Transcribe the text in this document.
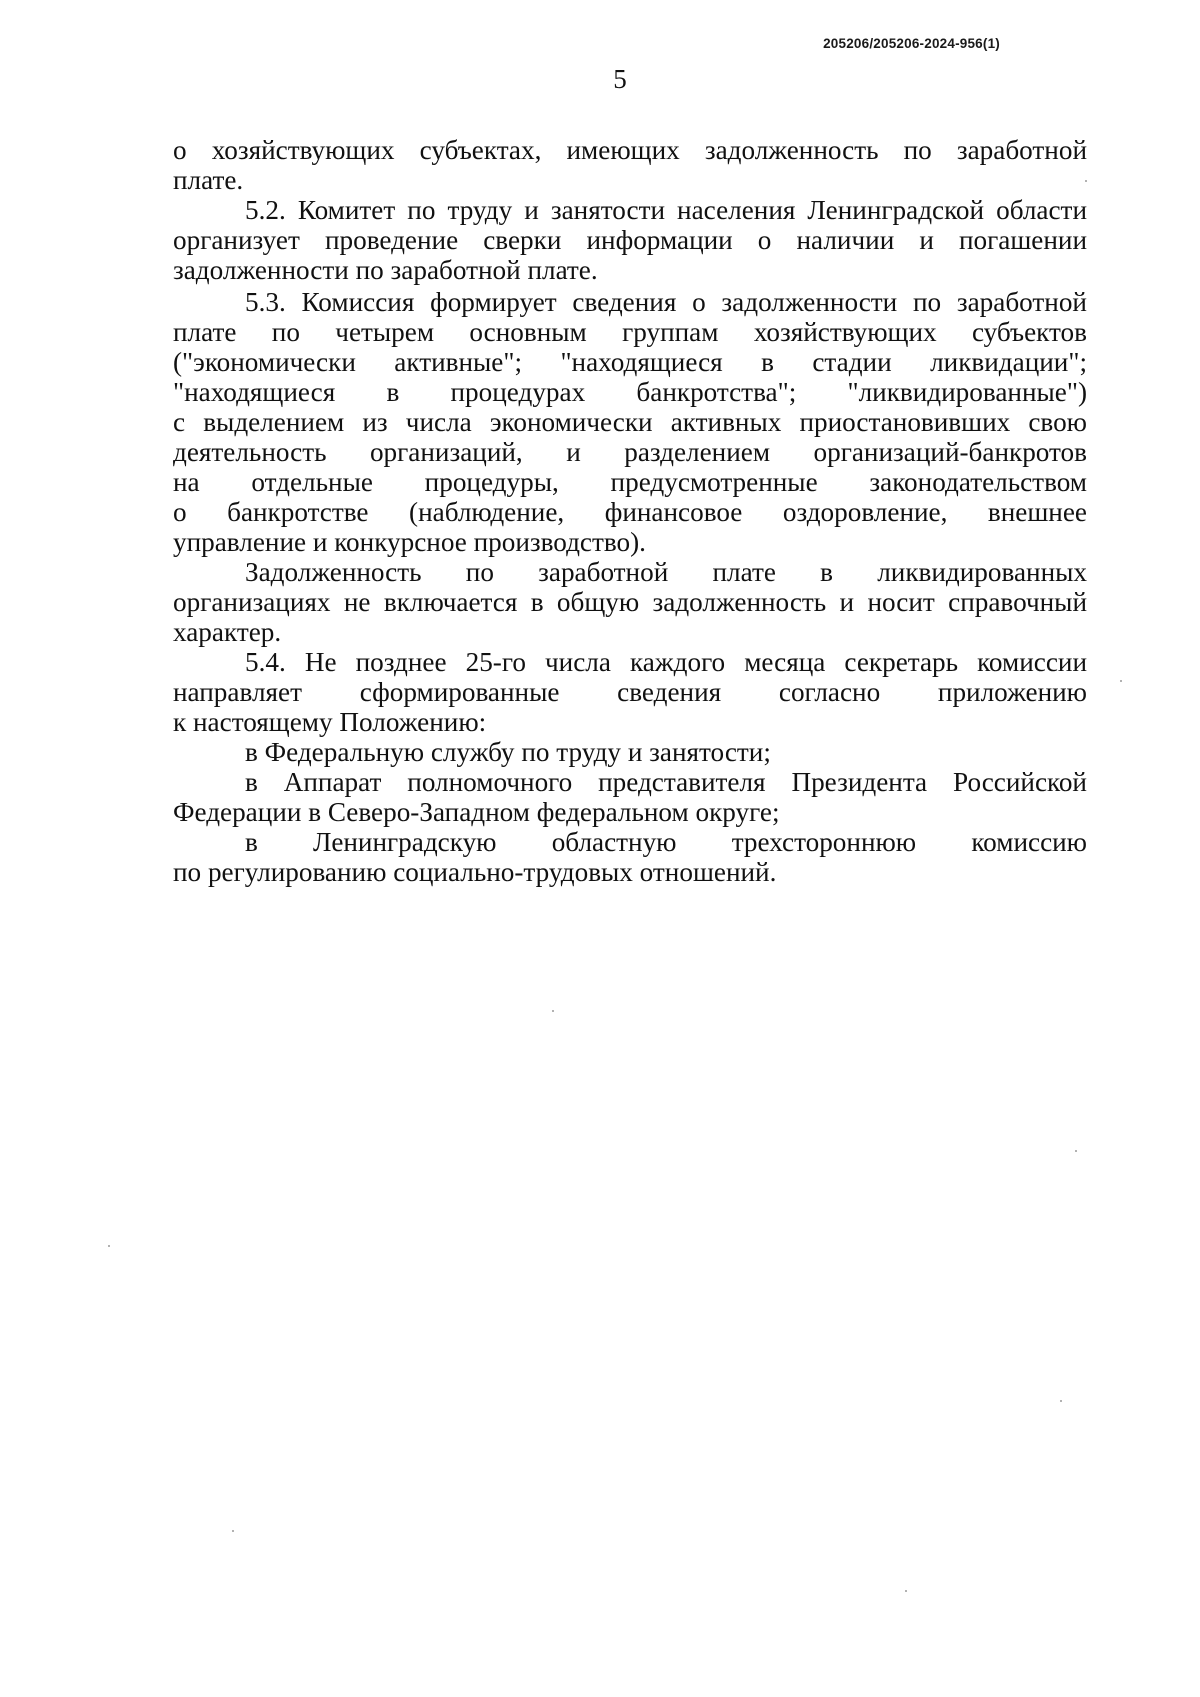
205206/205206-2024-956(1)
5
о хозяйствующих субъектах, имеющих задолженность по заработной
плате.
5.2. Комитет по труду и занятости населения Ленинградской области
организует проведение сверки информации о наличии и погашении
задолженности по заработной плате.
5.3. Комиссия формирует сведения о задолженности по заработной
плате по четырем основным группам хозяйствующих субъектов
("экономически активные"; "находящиеся в стадии ликвидации";
"находящиеся в процедурах банкротства"; "ликвидированные")
с выделением из числа экономически активных приостановивших свою
деятельность организаций, и разделением организаций-банкротов
на отдельные процедуры, предусмотренные законодательством
о банкротстве (наблюдение, финансовое оздоровление, внешнее
управление и конкурсное производство).
Задолженность по заработной плате в ликвидированных
организациях не включается в общую задолженность и носит справочный
характер.
5.4. Не позднее 25-го числа каждого месяца секретарь комиссии
направляет сформированные сведения согласно приложению
к настоящему Положению:
в Федеральную службу по труду и занятости;
в Аппарат полномочного представителя Президента Российской
Федерации в Северо-Западном федеральном округе;
в Ленинградскую областную трехстороннюю комиссию
по регулированию социально-трудовых отношений.
